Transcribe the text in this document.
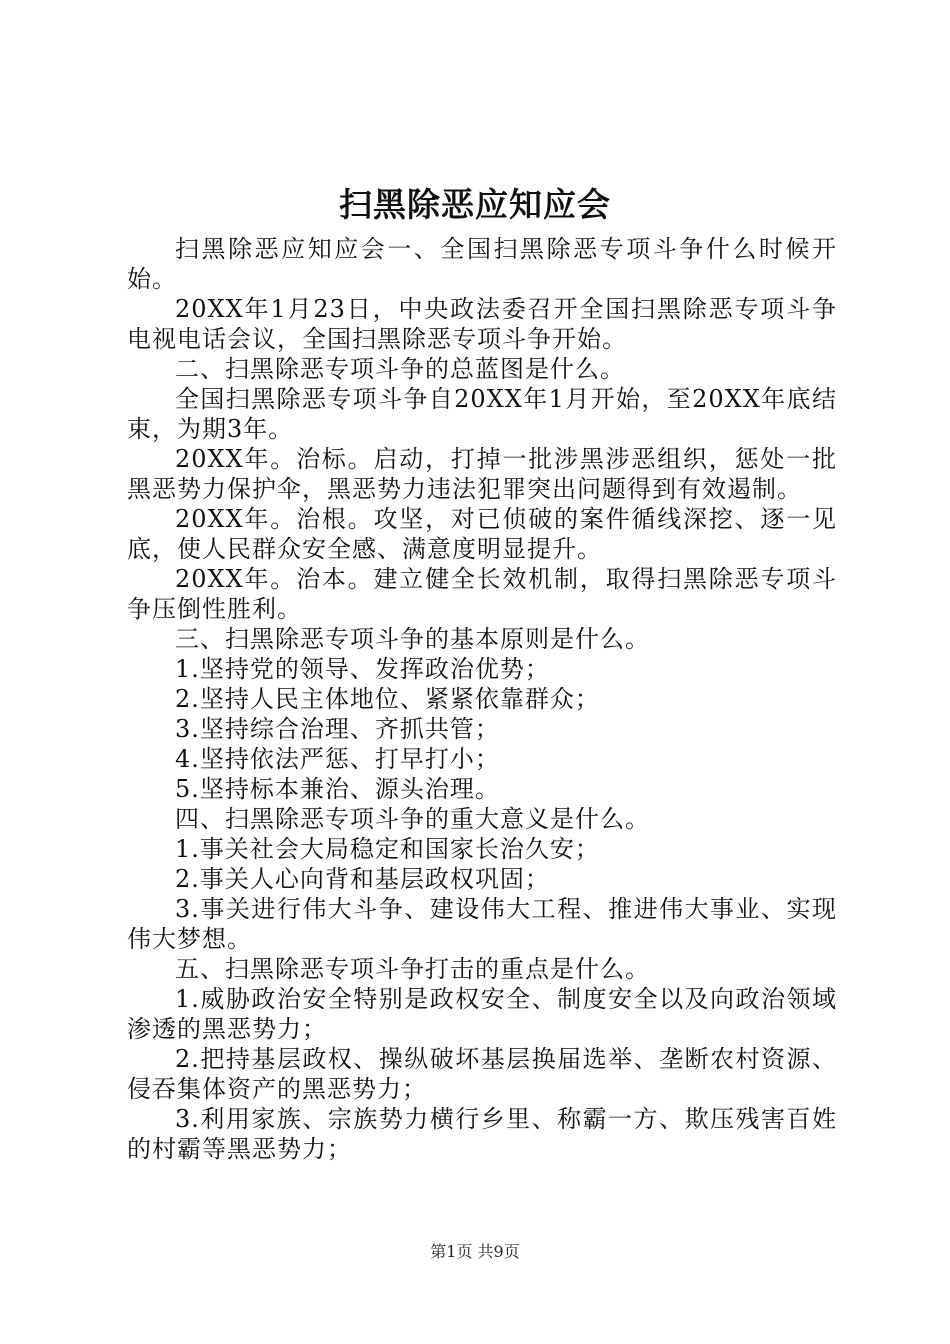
扫黑除恶应知应会

扫黑除恶应知应会一、全国扫黑除恶专项斗争什么时候开始。

20XX年1月23日，中央政法委召开全国扫黑除恶专项斗争电视电话会议，全国扫黑除恶专项斗争开始。

二、扫黑除恶专项斗争的总蓝图是什么。

全国扫黑除恶专项斗争自20XX年1月开始，至20XX年底结束，为期3年。

20XX年。治标。启动，打掉一批涉黑涉恶组织，惩处一批黑恶势力保护伞，黑恶势力违法犯罪突出问题得到有效遏制。

20XX年。治根。攻坚，对已侦破的案件循线深挖、逐一见底，使人民群众安全感、满意度明显提升。

20XX年。治本。建立健全长效机制，取得扫黑除恶专项斗争压倒性胜利。

三、扫黑除恶专项斗争的基本原则是什么。

1.坚持党的领导、发挥政治优势；

2.坚持人民主体地位、紧紧依靠群众；

3.坚持综合治理、齐抓共管；

4.坚持依法严惩、打早打小；

5.坚持标本兼治、源头治理。

四、扫黑除恶专项斗争的重大意义是什么。

1.事关社会大局稳定和国家长治久安；

2.事关人心向背和基层政权巩固；

3.事关进行伟大斗争、建设伟大工程、推进伟大事业、实现伟大梦想。

五、扫黑除恶专项斗争打击的重点是什么。

1.威胁政治安全特别是政权安全、制度安全以及向政治领域渗透的黑恶势力；

2.把持基层政权、操纵破坏基层换届选举、垄断农村资源、侵吞集体资产的黑恶势力；

3.利用家族、宗族势力横行乡里、称霸一方、欺压残害百姓的村霸等黑恶势力；

第1页 共9页
